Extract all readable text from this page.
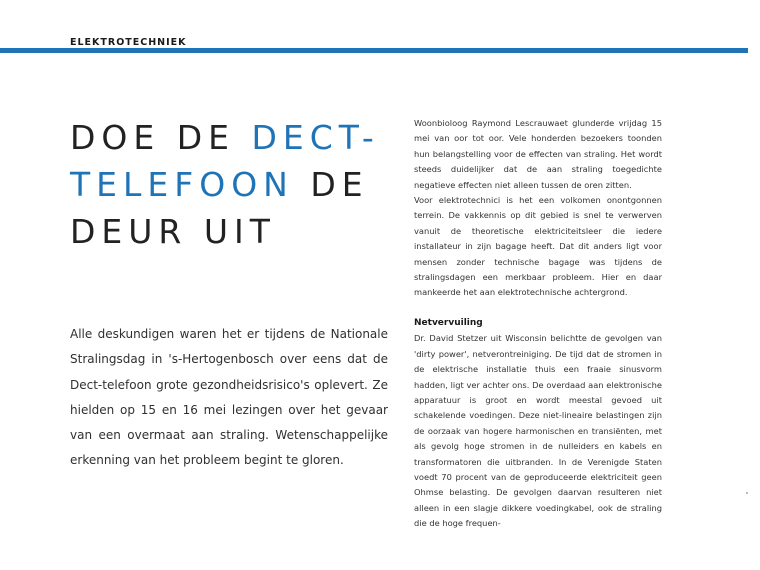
ELEKTROTECHNIEK
DOE DE DECT-
TELEFOON DE
DEUR UIT

Alle deskundigen waren het er tijdens de Nationale Stralingsdag in 's-Hertogenbosch over eens dat de Dect-telefoon grote gezondheidsrisico's oplevert. Ze hielden op 15 en 16 mei lezingen over het gevaar van een overmaat aan straling. Wetenschappelijke erkenning van het probleem begint te gloren.

Woonbioloog Raymond Lescrauwaet glunderde vrijdag 15 mei van oor tot oor. Vele honderden bezoekers toonden hun belangstelling voor de effecten van straling. Het wordt steeds duidelijker dat de aan straling toegedichte negatieve effecten niet alleen tussen de oren zitten.

Voor elektrotechnici is het een volkomen onontgonnen terrein. De vakkennis op dit gebied is snel te verwerven vanuit de theoretische elektriciteitsleer die iedere installateur in zijn bagage heeft. Dat dit anders ligt voor mensen zonder technische bagage was tijdens de stralingsdagen een merkbaar probleem. Hier en daar mankeerde het aan elektrotechnische achtergrond.

Netvervuiling

Dr. David Stetzer uit Wisconsin belichtte de gevolgen van 'dirty power', netverontreiniging. De tijd dat de stromen in de elektrische installatie thuis een fraaie sinusvorm hadden, ligt ver achter ons. De overdaad aan elektronische apparatuur is groot en wordt meestal gevoed uit schakelende voedingen. Deze niet-lineaire belastingen zijn de oorzaak van hogere harmonischen en transiënten, met als gevolg hoge stromen in de nulleiders en kabels en transformatoren die uitbranden. In de Verenigde Staten voedt 70 procent van de geproduceerde elektriciteit geen Ohmse belasting. De gevolgen daarvan resulteren niet alleen in een slagje dikkere voedingkabel, ook de straling die de hoge frequen-
